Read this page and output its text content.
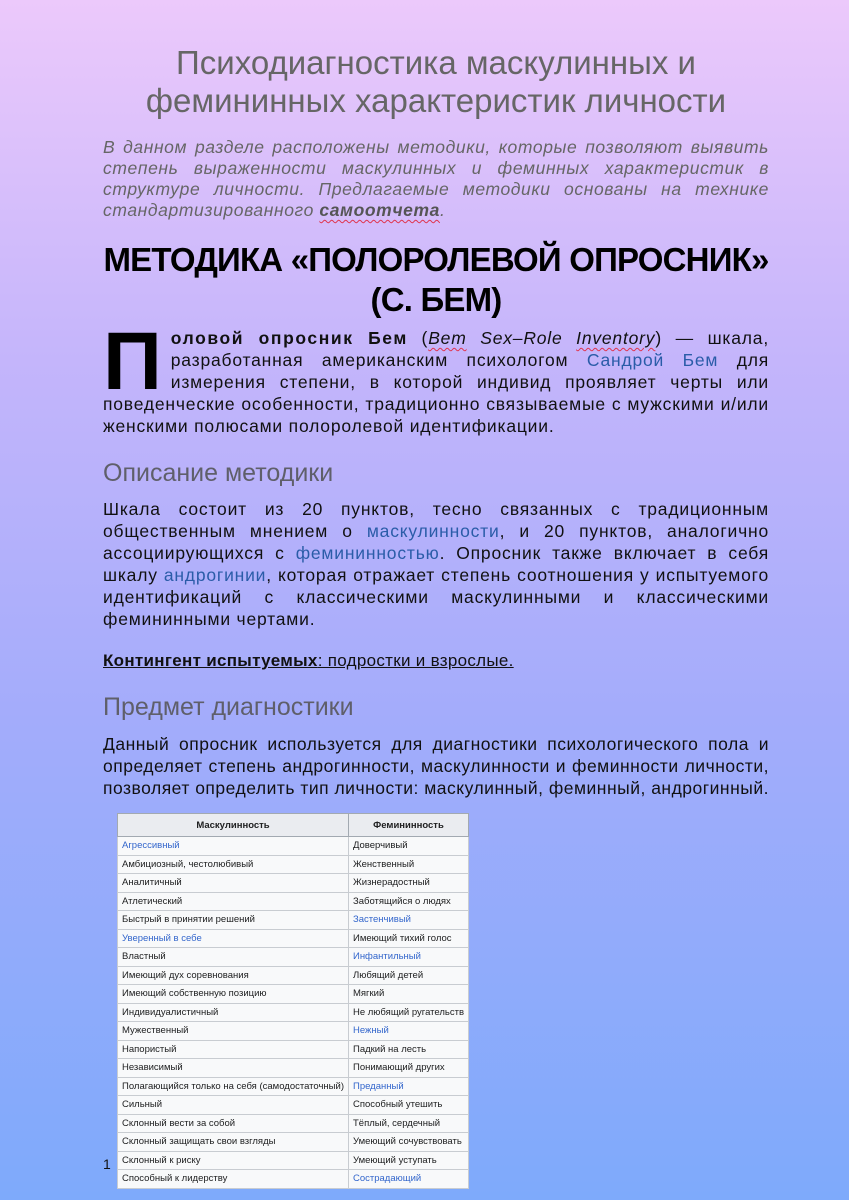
Психодиагностика маскулинных и фемининных характеристик личности

В данном разделе расположены методики, которые позволяют выявить степень выраженности маскулинных и феминных характеристик в структуре личности. Предлагаемые методики основаны на технике стандартизированного самоотчета.

МЕТОДИКА «ПОЛОРОЛЕВОЙ ОПРОСНИК» (С. БЕМ)

Половой опросник Бем (Bem Sex–Role Inventory) — шкала, разработанная американским психологом Сандрой Бем для измерения степени, в которой индивид проявляет черты или поведенческие особенности, традиционно связываемые с мужскими и/или женскими полюсами полоролевой идентификации.

Описание методики

Шкала состоит из 20 пунктов, тесно связанных с традиционным общественным мнением о маскулинности, и 20 пунктов, аналогично ассоциирующихся с фемининностью. Опросник также включает в себя шкалу андрогинии, которая отражает степень соотношения у испытуемого идентификаций с классическими маскулинными и классическими фемининными чертами.

Контингент испытуемых: подростки и взрослые.

Предмет диагностики

Данный опросник используется для диагностики психологического пола и определяет степень андрогинности, маскулинности и феминности личности, позволяет определить тип личности: маскулинный, феминный, андрогинный.

Маскулинность	Фемининность
Агрессивный	Доверчивый
Амбициозный, честолюбивый	Женственный
Аналитичный	Жизнерадостный
Атлетический	Заботящийся о людях
Быстрый в принятии решений	Застенчивый
Уверенный в себе	Имеющий тихий голос
Властный	Инфантильный
Имеющий дух соревнования	Любящий детей
Имеющий собственную позицию	Мягкий
Индивидуалистичный	Не любящий ругательств
Мужественный	Нежный
Напористый	Падкий на лесть
Независимый	Понимающий других
Полагающийся только на себя (самодостаточный)	Преданный
Сильный	Способный утешить
Склонный вести за собой	Тёплый, сердечный
Склонный защищать свои взгляды	Умеющий сочувствовать
Склонный к риску	Умеющий уступать
Способный к лидерству	Сострадающий
1
